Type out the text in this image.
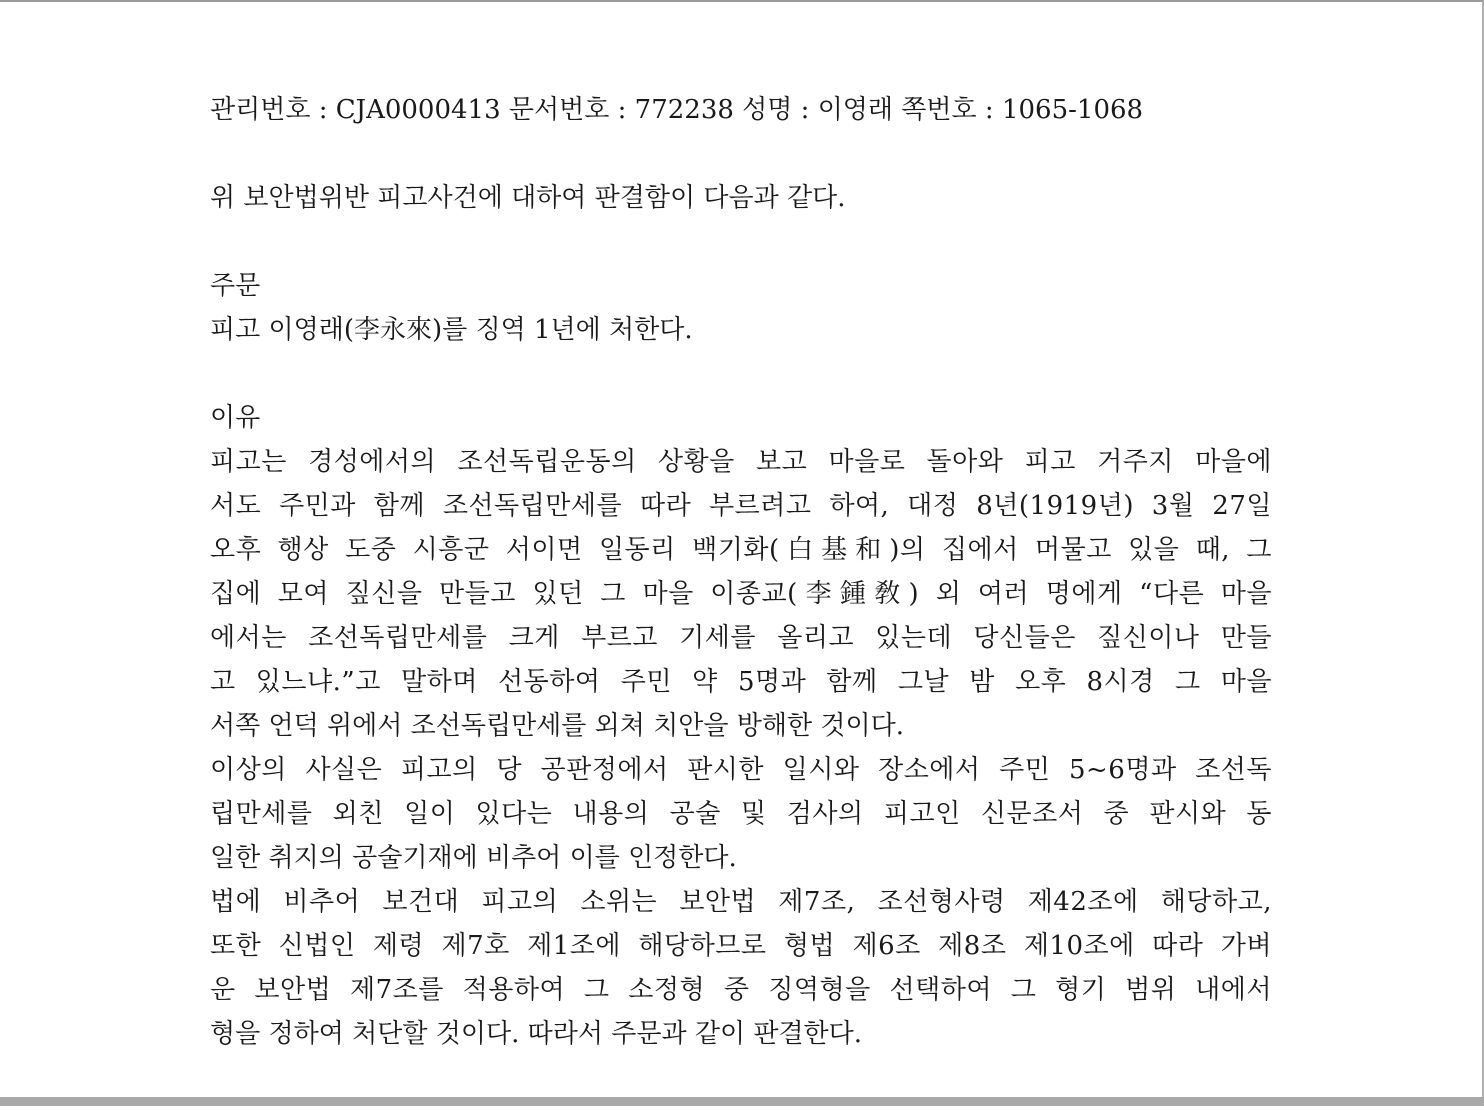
관리번호 : CJA0000413 문서번호 : 772238 성명 : 이영래 쪽번호 : 1065-1068

위 보안법위반 피고사건에 대하여 판결함이 다음과 같다.

주문

피고 이영래(李永來)를 징역 1년에 처한다.

이유

피고는 경성에서의 조선독립운동의 상황을 보고 마을로 돌아와 피고 거주지 마을에

서도 주민과 함께 조선독립만세를 따라 부르려고 하여, 대정 8년(1919년) 3월 27일

오후 행상 도중 시흥군 서이면 일동리 백기화(白基和)의 집에서 머물고 있을 때, 그

집에 모여 짚신을 만들고 있던 그 마을 이종교(李鍾敎) 외 여러 명에게 “다른 마을

에서는 조선독립만세를 크게 부르고 기세를 올리고 있는데 당신들은 짚신이나 만들

고 있느냐.”고 말하며 선동하여 주민 약 5명과 함께 그날 밤 오후 8시경 그 마을

서쪽 언덕 위에서 조선독립만세를 외쳐 치안을 방해한 것이다.

이상의 사실은 피고의 당 공판정에서 판시한 일시와 장소에서 주민 5~6명과 조선독

립만세를 외친 일이 있다는 내용의 공술 및 검사의 피고인 신문조서 중 판시와 동

일한 취지의 공술기재에 비추어 이를 인정한다.

법에 비추어 보건대 피고의 소위는 보안법 제7조, 조선형사령 제42조에 해당하고,

또한 신법인 제령 제7호 제1조에 해당하므로 형법 제6조 제8조 제10조에 따라 가벼

운 보안법 제7조를 적용하여 그 소정형 중 징역형을 선택하여 그 형기 범위 내에서

형을 정하여 처단할 것이다. 따라서 주문과 같이 판결한다.
